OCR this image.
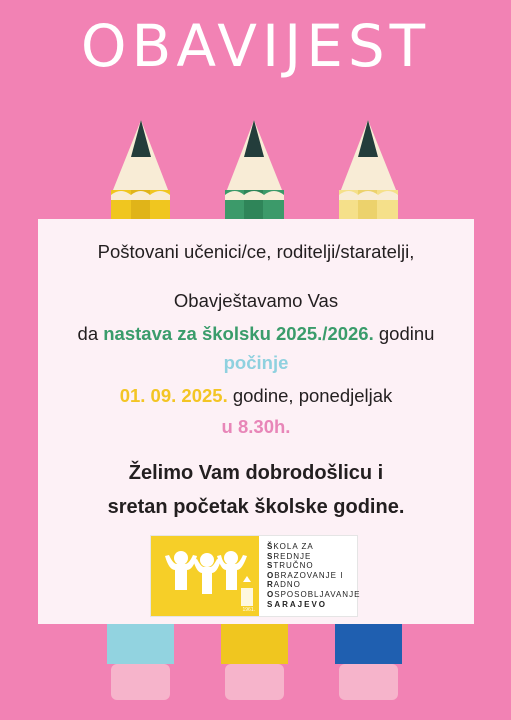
OBAVIJEST
Poštovani učenici/ce, roditelji/staratelji,
Obavještavamo Vas
da nastava za školsku 2025./2026. godinu
počinje
01. 09. 2025. godine, ponedjeljak
u 8.30h.
Želimo Vam dobrodošlicu i
sretan početak školske godine.
1961.
ŠKOLA ZA
SREDNJE
STRUČNO
OBRAZOVANJE I
RADNO
OSPOSOBLJAVANJE
SARAJEVO
